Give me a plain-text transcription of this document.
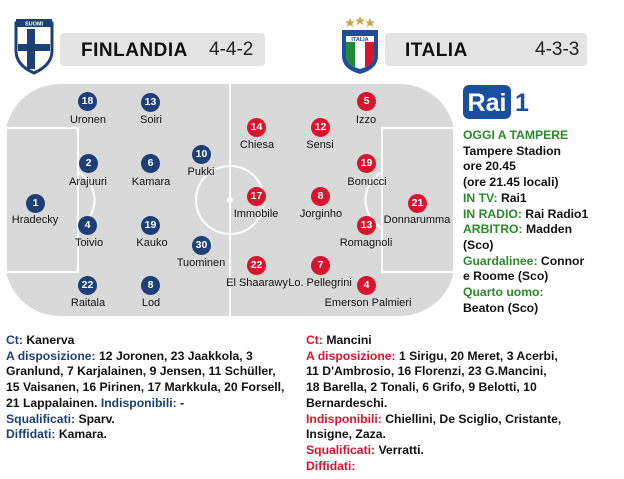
SUOMI
FINLANDIA 4-4-2	ITALIA ITALIA	4-3-3
1
Hradecky
2
Arajuuri
4
Toivio
18
Uronen
22
Raitala
13
Soiri
6
Kamara
19
Kauko
8
Lod
10
Pukki
30
Tuominen
21
Donnarumma
5
Izzo
19
Bonucci
13
Romagnoli
4
Emerson Palmieri
12
Sensi
8
Jorginho
7
Lo. Pellegrini
14
Chiesa
17
Immobile
22
El Shaarawy
Rai 1
OGGI A TAMPERE
Tampere Stadion
ore 20.45
(ore 21.45 locali)
IN TV: Rai1
IN RADIO: Rai Radio1
ARBITRO: Madden
(Sco)
Guardalinee: Connor
e Roome (Sco)
Quarto uomo:
Beaton (Sco)
Ct: Kanerva
A disposizione: 12 Joronen, 23 Jaakkola, 3
Granlund, 7 Karjalainen, 9 Jensen, 11 Schüller,
15 Vaisanen, 16 Pirinen, 17 Markkula, 20 Forsell,
21 Lappalainen. Indisponibili: -
Squalificati: Sparv.
Diffidati: Kamara.
Ct: Mancini
A disposizione: 1 Sirigu, 20 Meret, 3 Acerbi,
11 D'Ambrosio, 16 Florenzi, 23 G.Mancini,
18 Barella, 2 Tonali, 6 Grifo, 9 Belotti, 10
Bernardeschi.
Indisponibili: Chiellini, De Sciglio, Cristante,
Insigne, Zaza.
Squalificati: Verratti.
Diffidati:
